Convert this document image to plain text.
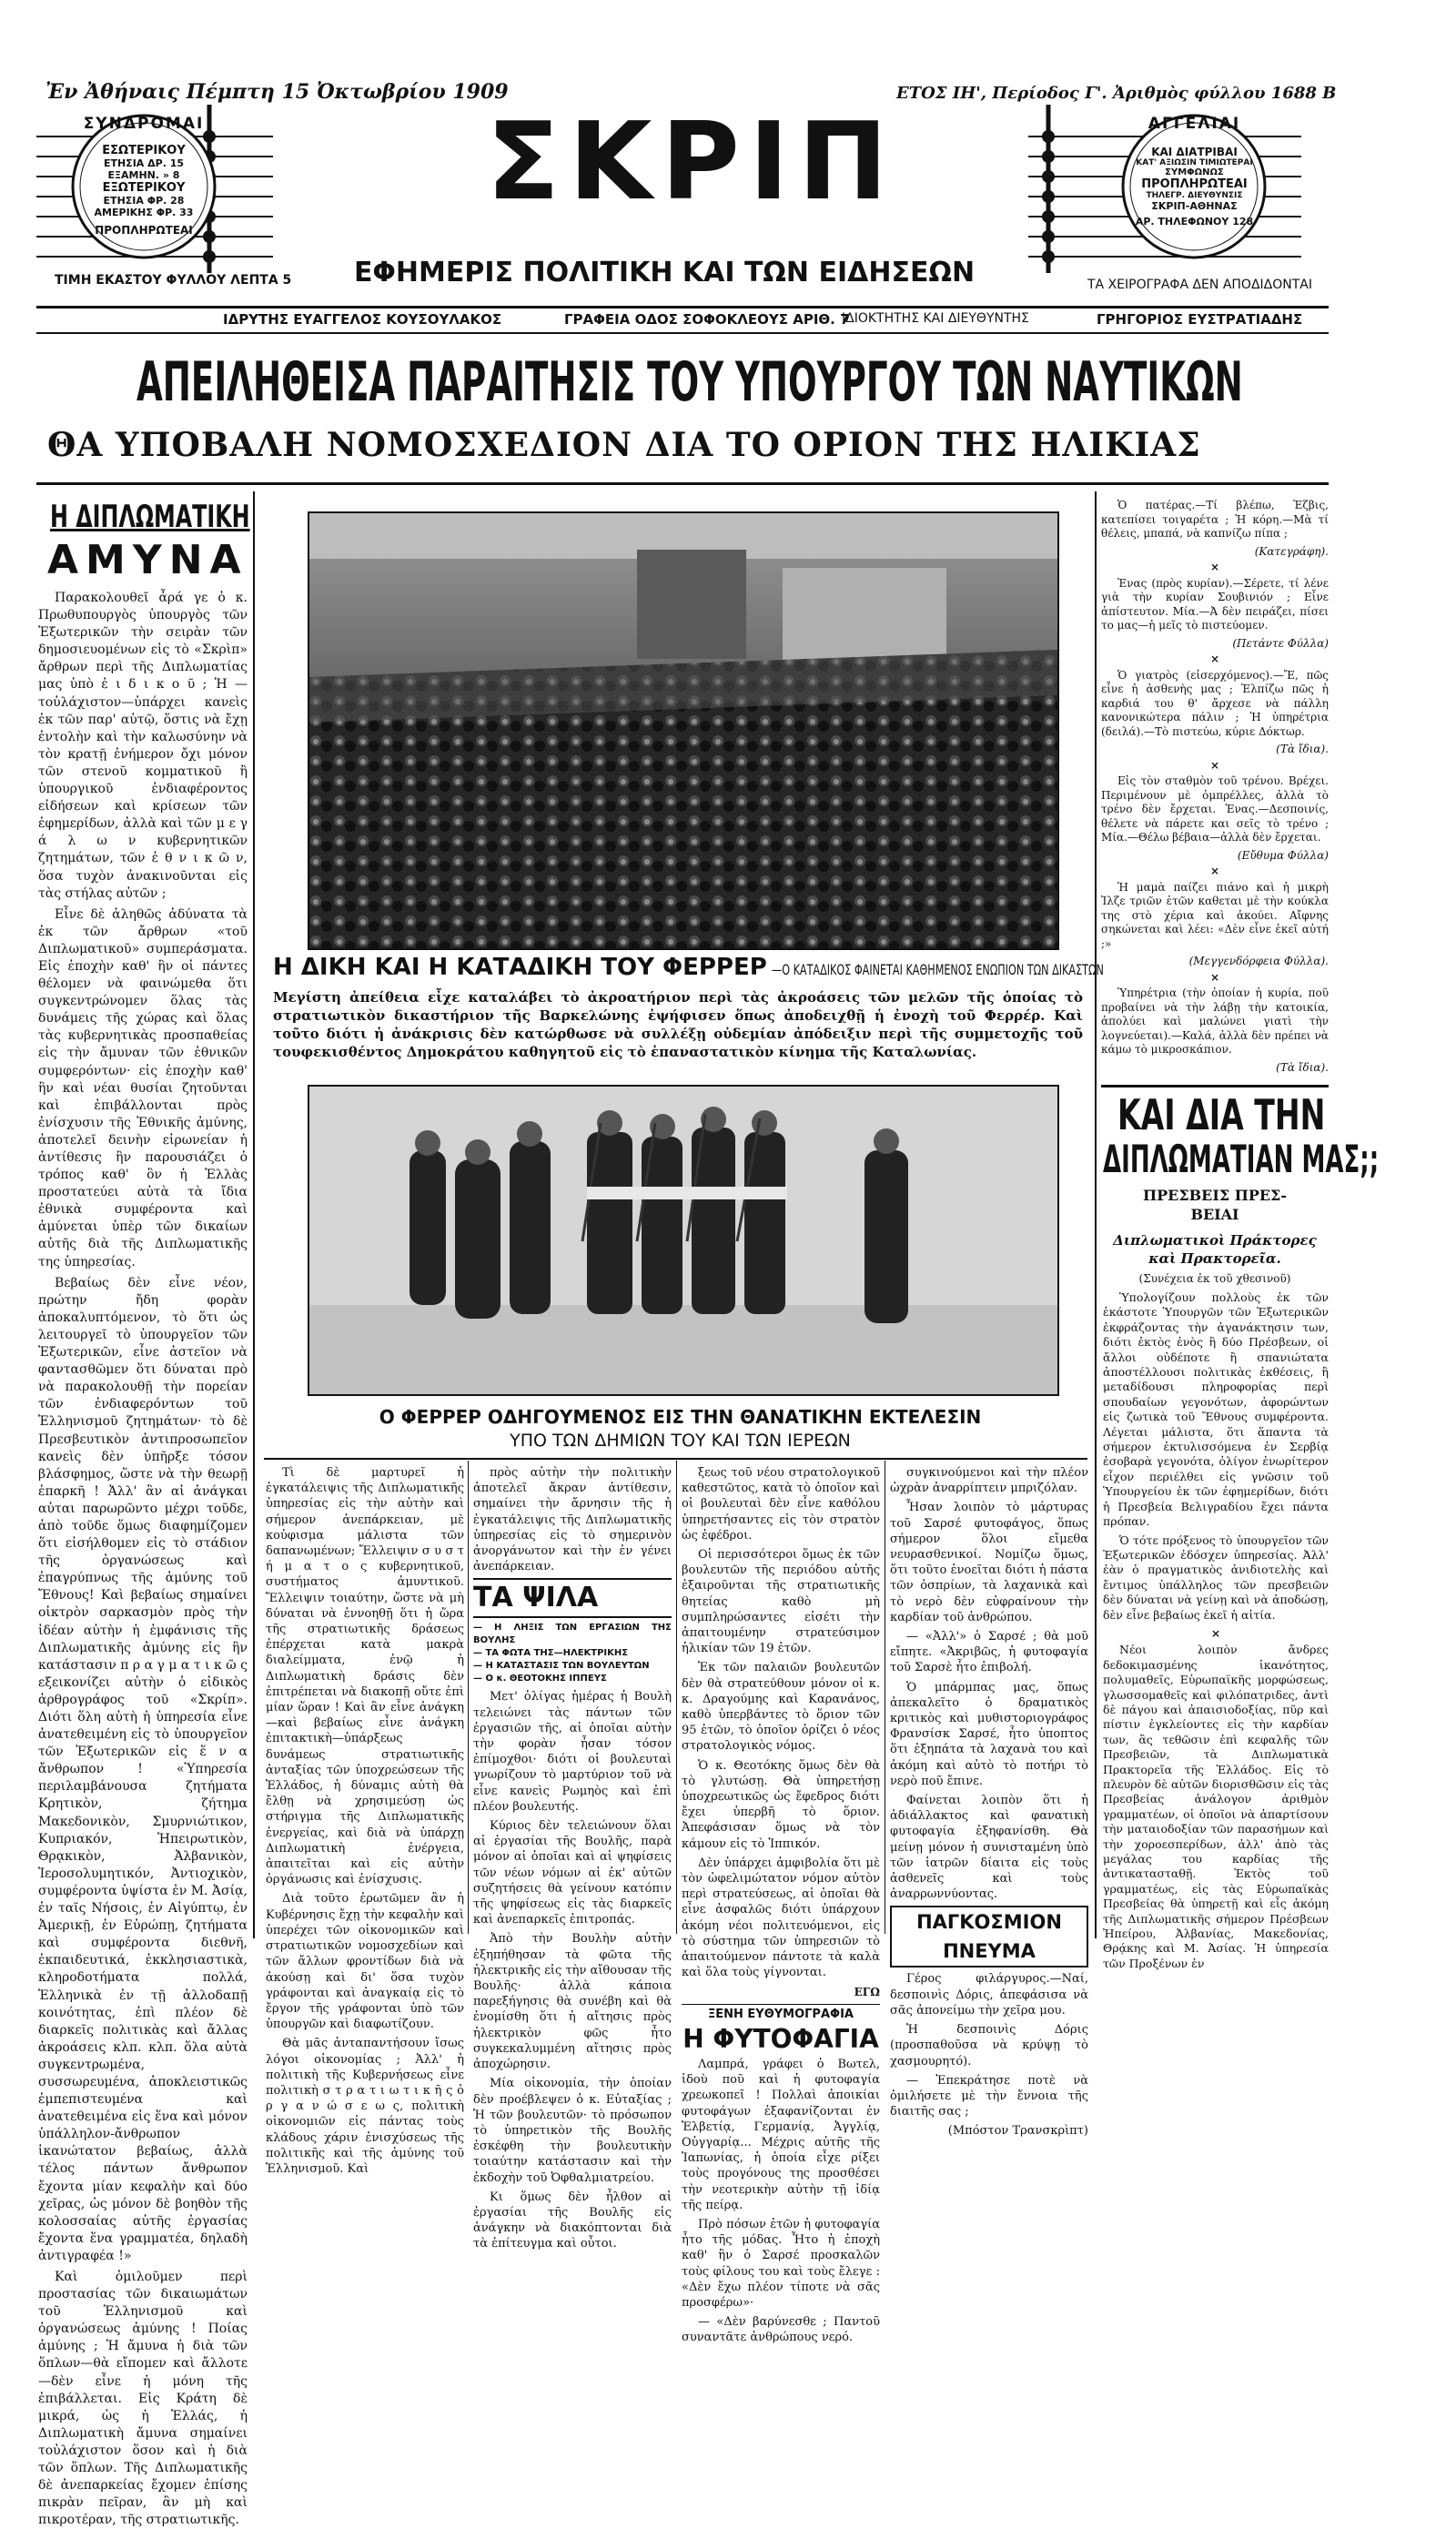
Ἐν Ἀθήναις Πέμπτη 15 Ὀκτωβρίου 1909	ΕΤΟΣ ΙΗ', Περίοδος Γ'. Ἀριθμὸς φύλλου 1688 Β
ΣΥΝΔΡΟΜΑΙ
ΕΣΩΤΕΡΙΚΟΥ
ΕΤΗΣΙΑ ΔΡ. 15
ΕΞΑΜΗΝ. » 8
ΕΞΩΤΕΡΙΚΟΥ
ΕΤΗΣΙΑ ΦΡ. 28
ΑΜΕΡΙΚΗΣ ΦΡ. 33
ΠΡΟΠΛΗΡΩΤΕΑΙ
ΑΓΓΕΛΙΑΙ
ΚΑΙ ΔΙΑΤΡΙΒΑΙ
ΚΑΤ' ΑΞΙΩΣΙΝ ΤΙΜΙΩΤΕΡΑΙ
ΣΥΜΦΩΝΩΣ
ΠΡΟΠΛΗΡΩΤΕΑΙ
ΤΗΛΕΓΡ. ΔΙΕΥΘΥΝΣΙΣ
ΣΚΡΙΠ-ΑΘΗΝΑΣ
ΑΡ. ΤΗΛΕΦΩΝΟΥ 128
ΣΚΡΙΠ
ΕΦΗΜΕΡΙΣ ΠΟΛΙΤΙΚΗ ΚΑΙ ΤΩΝ ΕΙΔΗΣΕΩΝ
ΤΙΜΗ ΕΚΑΣΤΟΥ ΦΥΛΛΟΥ ΛΕΠΤΑ 5	ΤΑ ΧΕΙΡΟΓΡΑΦΑ ΔΕΝ ΑΠΟΔΙΔΟΝΤΑΙ
ΙΔΡΥΤΗΣ ΕΥΑΓΓΕΛΟΣ ΚΟΥΣΟΥΛΑΚΟΣ	ΓΡΑΦΕΙΑ ΟΔΟΣ ΣΟΦΟΚΛΕΟΥΣ ΑΡΙΘ. 7
ΙΔΙΟΚΤΗΤΗΣ ΚΑΙ ΔΙΕΥΘΥΝΤΗΣ	ΓΡΗΓΟΡΙΟΣ ΕΥΣΤΡΑΤΙΑΔΗΣ
ΑΠΕΙΛΗΘΕΙΣΑ ΠΑΡΑΙΤΗΣΙΣ ΤΟΥ ΥΠΟΥΡΓΟΥ ΤΩΝ ΝΑΥΤΙΚΩΝ
ΘΑ ΥΠΟΒΑΛΗ ΝΟΜΟΣΧΕΔΙΟΝ ΔΙΑ ΤΟ ΟΡΙΟΝ ΤΗΣ ΗΛΙΚΙΑΣ
Η ΔΙΠΛΩΜΑΤΙΚΗ
ΑΜΥΝΑ

Παρακολουθεῖ ἆρά γε ὁ κ. Πρωθυπουργὸς ὑπουργὸς τῶν Ἐξωτερικῶν τὴν σειρὰν τῶν δημοσιευομένων εἰς τὸ «Σκρὶπ» ἄρθρων περὶ τῆς Διπλωματίας μας ὑπὸ ἐ ι δ ι κ ο ῦ ; Ἡ —τοὐλάχιστον—ὑπάρχει κανεὶς ἐκ τῶν παρ' αὐτῷ, ὅστις νὰ ἔχῃ ἐντολὴν καὶ τὴν καλωσύνην νὰ τὸν κρατῇ ἐνήμερον ὄχι μόνον τῶν στενοῦ κομματικοῦ ἢ ὑπουργικοῦ ἐνδιαφέροντος εἰδήσεων καὶ κρίσεων τῶν ἐφημερίδων, ἀλλὰ καὶ τῶν μ ε γ ά λ ω ν κυβερνητικῶν ζητημάτων, τῶν ἐ θ ν ι κ ῶ ν, ὅσα τυχὸν ἀνακινοῦνται εἰς τὰς στήλας αὐτῶν ;

Εἶνε δὲ ἀληθῶς ἀδύνατα τὰ ἐκ τῶν ἄρθρων «τοῦ Διπλωματικοῦ» συμπεράσματα. Εἰς ἐποχὴν καθ' ἣν οἱ πάντες θέλομεν νὰ φαινώμεθα ὅτι συγκεντρώνομεν ὅλας τὰς δυνάμεις τῆς χώρας καὶ ὅλας τὰς κυβερνητικὰς προσπαθείας εἰς τὴν ἄμυναν τῶν ἐθνικῶν συμφερόντων· εἰς ἐποχὴν καθ' ἣν καὶ νέαι θυσίαι ζητοῦνται καὶ ἐπιβάλλονται πρὸς ἐνίσχυσιν τῆς Ἐθνικῆς ἀμύνης, ἀποτελεῖ δεινὴν εἰρωνείαν ἡ ἀντίθεσις ἣν παρουσιάζει ὁ τρόπος καθ' ὃν ἡ Ἑλλὰς προστατεύει αὐτὰ τὰ ἴδια ἐθνικὰ συμφέροντα καὶ ἀμύνεται ὑπὲρ τῶν δικαίων αὐτῆς διὰ τῆς Διπλωματικῆς της ὑπηρεσίας.

Βεβαίως δὲν εἶνε νέον, πρώτην ἤδη φορὰν ἀποκαλυπτόμενον, τὸ ὅτι ὡς λειτουργεῖ τὸ ὑπουργεῖον τῶν Ἐξωτερικῶν, εἶνε ἀστεῖον νὰ φαντασθῶμεν ὅτι δύναται πρὸ νὰ παρακολουθῇ τὴν πορείαν τῶν ἐνδιαφερόντων τοῦ Ἑλληνισμοῦ ζητημάτων· τὸ δὲ Πρεσβευτικὸν ἀντιπροσωπεῖον κανεὶς δὲν ὑπῆρξε τόσον βλάσφημος, ὥστε νὰ τὴν θεωρῇ ἐπαρκῆ ! Ἀλλ' ἂν αἱ ἀνάγκαι αὐται παρωρῶντο μέχρι τοῦδε, ἀπὸ τοῦδε ὅμως διαφημίζομεν ὅτι εἰσήλθομεν εἰς τὸ στάδιον τῆς ὀργανώσεως καὶ ἐπαγρύπνως τῆς ἀμύνης τοῦ Ἔθνους! Καὶ βεβαίως σημαίνει οἰκτρὸν σαρκασμὸν πρὸς τὴν ἰδέαν αὐτὴν ἡ ἐμφάνισις τῆς Διπλωματικῆς ἀμύνης εἰς ἣν κατάστασιν π ρ α γ μ α τ ι κ ῶ ς εξεικονίζει αὐτὴν ὁ εἰδικὸς ἀρθρογράφος τοῦ «Σκρίπ». Διότι ὅλη αὐτὴ ἡ ὑπηρεσία εἶνε ἀνατεθειμένη εἰς τὸ ὑπουργεῖον τῶν Ἐξωτερικῶν εἰς ἕ ν α ἄνθρωπον ! «Ὑπηρεσία περιλαμβάνουσα ζητήματα Κρητικὸν, ζήτημα Μακεδονικὸν, Σμυρνιώτικον, Κυπριακόν, Ἠπειρωτικὸν, Θρᾳκικὸν, Ἀλβανικὸν, Ἱεροσολυμητικόν, Ἀντιοχικὸν, συμφέροντα ὑψίστα ἐν Μ. Ἀσίᾳ, ἐν ταῖς Νήσοις, ἐν Αἰγύπτῳ, ἐν Ἀμερικῇ, ἐν Εὐρώπῃ, ζητήματα καὶ συμφέροντα διεθνῆ, ἐκπαιδευτικά, ἐκκλησιαστικὰ, κληροδοτήματα πολλά, Ἑλληνικὰ ἐν τῇ ἀλλοδαπῇ κοινότητας, ἐπὶ πλέον δὲ διαρκεῖς πολιτικὰς καὶ ἄλλας ἀκροάσεις κλπ. κλπ. ὅλα αὐτὰ συγκεντρωμένα, συσσωρευμένα, ἀποκλειστικῶς ἐμπεπιστευμένα καὶ ἀνατεθειμένα εἰς ἕνα καὶ μόνον ὑπάλληλον-ἄνθρωπον ἱκανώτατον βεβαίως, ἀλλὰ τέλος πάντων ἄνθρωπον ἔχοντα μίαν κεφαλὴν καὶ δύο χεῖρας, ὡς μόνον δὲ βοηθὸν τῆς κολοσσαίας αὐτῆς ἐργασίας ἔχοντα ἕνα γραμματέα, δηλαδὴ ἀντιγραφέα !»

Καὶ ὁμιλοῦμεν περὶ προστασίας τῶν δικαιωμάτων τοῦ Ἑλληνισμοῦ καὶ ὀργανώσεως ἀμύνης ! Ποίας ἀμύνης ; Ἡ ἄμυνα ἡ διὰ τῶν ὅπλων—θὰ εἴπομεν καὶ ἄλλοτε—δὲν εἶνε ἡ μόνη τῆς ἐπιβάλλεται. Εἰς Κράτη δὲ μικρά, ὡς ἡ Ἑλλάς, ἡ Διπλωματικὴ ἄμυνα σημαίνει τοὐλάχιστον ὅσον καὶ ἡ διὰ τῶν ὅπλων. Τῆς Διπλωματικῆς δὲ ἀνεπαρκείας ἔχομεν ἐπίσης πικρὰν πεῖραν, ἂν μὴ καὶ πικροτέραν, τῆς στρατιωτικῆς.

Η ΔΙΚΗ ΚΑΙ Η ΚΑΤΑΔΙΚΗ ΤΟΥ ΦΕΡΡΕΡ —Ο ΚΑΤΑΔΙΚΟΣ ΦΑΙΝΕΤΑΙ ΚΑΘΗΜΕΝΟΣ ΕΝΩΠΙΟΝ ΤΩΝ ΔΙΚΑΣΤΩΝ
Μεγίστη ἀπείθεια εἶχε καταλάβει τὸ ἀκροατήριον περὶ τὰς ἀκροάσεις τῶν μελῶν τῆς ὁποίας τὸ στρατιωτικὸν δικαστήριον τῆς Βαρκελώνης ἐψήφισεν ὅπως ἀποδειχθῇ ἡ ἐνοχὴ τοῦ Φερρέρ. Καὶ τοῦτο διότι ἡ ἀνάκρισις δὲν κατώρθωσε νὰ συλλέξῃ οὐδεμίαν ἀπόδειξιν περὶ τῆς συμμετοχῆς τοῦ τουφεκισθέντος Δημοκράτου καθηγητοῦ εἰς τὸ ἐπαναστατικὸν κίνημα τῆς Καταλωνίας.
Ο ΦΕΡΡΕΡ ΟΔΗΓΟΥΜΕΝΟΣ ΕΙΣ ΤΗΝ ΘΑΝΑΤΙΚΗΝ ΕΚΤΕΛΕΣΙΝ
ΥΠΟ ΤΩΝ ΔΗΜΙΩΝ ΤΟΥ ΚΑΙ ΤΩΝ ΙΕΡΕΩΝ

Τὶ δὲ μαρτυρεῖ ἡ ἐγκατάλειψις τῆς Διπλωματικῆς ὑπηρεσίας εἰς τὴν αὐτὴν καὶ σήμερον ἀνεπάρκειαν, μὲ κοὐφισμα μάλιστα τῶν δαπανωμένων; Ἔλλειψιν σ υ σ τ ή μ α τ ο ς κυβερνητικοῦ, συστήματος ἀμυντικοῦ. Ἔλλειψιν τοιαύτην, ὥστε νὰ μὴ δύναται νὰ ἐννοηθῇ ὅτι ἡ ὥρα τῆς στρατιωτικῆς δράσεως ἐπέρχεται κατὰ μακρὰ διαλείμματα, ἐνῷ ἡ Διπλωματικὴ δράσις δὲν ἐπιτρέπεται νὰ διακοπῇ οὔτε ἐπὶ μίαν ὥραν ! Καὶ ἂν εἶνε ἀνάγκη—καὶ βεβαίως εἶνε ἀνάγκη ἐπιτακτικὴ—ὑπάρξεως δυνάμεως στρατιωτικῆς ἀνταξίας τῶν ὑποχρεώσεων τῆς Ἑλλάδος, ἡ δύναμις αὐτὴ θὰ ἔλθῃ νὰ χρησιμεύσῃ ὡς στήριγμα τῆς Διπλωματικῆς ἐνεργείας, καὶ διὰ νὰ ὑπάρχῃ Διπλωματικὴ ἐνέργεια, ἀπαιτεῖται καὶ εἰς αὐτὴν ὀργάνωσις καὶ ἐνίσχυσις.

Διὰ τοῦτο ἐρωτῶμεν ἂν ἡ Κυβέρνησις ἔχῃ τὴν κεφαλὴν καὶ ὑπερέχει τῶν οἰκονομικῶν καὶ στρατιωτικῶν νομοσχεδίων καὶ τῶν ἄλλων φροντίδων διὰ νὰ ἀκούσῃ καὶ δι' ὅσα τυχὸν γράφονται καὶ ἀναγκαίᾳ εἰς τὸ ἔργον τῆς γράφονται ὑπὸ τῶν ὑπουργῶν καὶ διαφωτίζουν.

Θὰ μᾶς ἀνταπαντήσουν ἴσως λόγοι οἰκονομίας ; Ἀλλ' ἡ πολιτικὴ τῆς Κυβερνήσεως εἶνε πολιτικὴ σ τ ρ α τ ι ω τ ι κ ῆ ς ὀ ρ γ α ν ώ σ ε ω ς, πολιτικὴ οἰκονομιῶν εἰς πάντας τοὺς κλάδους χάριν ἐνισχύσεως τῆς πολιτικῆς καὶ τῆς ἀμύνης τοῦ Ἑλληνισμοῦ. Καὶ

πρὸς αὐτὴν τὴν πολιτικὴν ἀποτελεῖ ἄκραν ἀντίθεσιν, σημαίνει τὴν ἄρνησιν τῆς ἡ ἐγκατάλειψις τῆς Διπλωματικῆς ὑπηρεσίας εἰς τὸ σημερινὸν ἀνοργάνωτον καὶ τὴν ἐν γένει ἀνεπάρκειαν.

ΤΑ ΨΙΛΑ
— Η ΛΗΞΙΣ ΤΩΝ ΕΡΓΑΣΙΩΝ ΤΗΣ ΒΟΥΛΗΣ
— ΤΑ ΦΩΤΑ ΤΗΣ—ΗΛΕΚΤΡΙΚΗΣ
— Η ΚΑΤΑΣΤΑΣΙΣ ΤΩΝ ΒΟΥΛΕΥΤΩΝ
— Ο κ. ΘΕΟΤΟΚΗΣ ΙΠΠΕΥΣ

Μετ' ὀλίγας ἡμέρας ἡ Βουλὴ τελειώνει τὰς πάντων τῶν ἐργασιῶν τῆς, αἱ ὁποῖαι αὐτὴν τὴν φορὰν ἦσαν τόσον ἐπίμοχθοι· διότι οἱ βουλευταὶ γνωρίζουν τὸ μαρτύριον τοῦ νὰ εἶνε κανεὶς Ρωμηὸς καὶ ἐπὶ πλέον βουλευτής.

Κύριος δὲν τελειώνουν ὅλαι αἱ ἐργασίαι τῆς Βουλῆς, παρὰ μόνον αἱ ὁποῖαι καὶ αἱ ψηφίσεις τῶν νέων νόμων αἱ ἐκ' αὐτῶν συζητήσεις θὰ γείνουν κατόπιν τῆς ψηφίσεως εἰς τὰς διαρκεῖς καὶ ἀνεπαρκεῖς ἐπιτροπάς.

Ἀπὸ τὴν Βουλὴν αὐτὴν ἐξηπήθησαν τὰ φῶτα τῆς ἠλεκτρικῆς εἰς τὴν αἴθουσαν τῆς Βουλῆς· ἀλλὰ κάποια παρεξήγησις θὰ συνέβη καὶ θὰ ἐνομίσθη ὅτι ἡ αἴτησις πρὸς ἠλεκτρικὸν φῶς ἦτο συγκεκαλυμμένη αἴτησις πρὸς ἀποχώρησιν.

Μία οἰκονομία, τὴν ὁποίαν δὲν προέβλεψεν ὁ κ. Εὐταξίας ; Ἡ τῶν βουλευτῶν· τὸ πρόσωπον τὸ ὑπηρετικὸν τῆς Βουλῆς ἐσκέφθη τὴν βουλευτικὴν τοιαύτην κατάστασιν καὶ τὴν ἐκδοχὴν τοῦ Ὀφθαλμιατρείου.

Κι ὅμως δὲν ἦλθον αἱ ἐργασίαι τῆς Βουλῆς εἰς ἀνάγκην νὰ διακόπτονται διὰ τὰ ἐπίτευγμα καὶ οὗτοι.

ξεως τοῦ νέου στρατολογικοῦ καθεστῶτος, κατὰ τὸ ὁποῖον καὶ οἱ βουλευταὶ δὲν εἶνε καθόλου ὑπηρετήσαντες εἰς τὸν στρατὸν ὡς ἐφέδροι.

Οἱ περισσότεροι ὅμως ἐκ τῶν βουλευτῶν τῆς περιόδου αὐτῆς ἐξαιροῦνται τῆς στρατιωτικῆς θητείας καθὸ μὴ συμπληρώσαντες εἰσέτι τὴν ἀπαιτουμένην στρατεύσιμον ἡλικίαν τῶν 19 ἐτῶν.

Ἐκ τῶν παλαιῶν βουλευτῶν δὲν θὰ στρατεύθουν μόνον οἱ κ. κ. Δραγούμης καὶ Καρανάνος, καθὸ ὑπερβάντες τὸ ὅριον τῶν 95 ἐτῶν, τὸ ὁποῖον ὁρίζει ὁ νέος στρατολογικὸς νόμος.

Ὁ κ. Θεοτόκης ὅμως δὲν θὰ τὸ γλυτώσῃ. Θὰ ὑπηρετήσῃ ὑποχρεωτικῶς ὡς ἔφεδρος διότι ἔχει ὑπερβῆ τὸ ὅριον. Ἀπεφάσισαν ὅμως νὰ τὸν κάμουν εἰς τὸ Ἱππικόν.

Δὲν ὑπάρχει ἀμφιβολία ὅτι μὲ τὸν ὡφελιμώτατον νόμον αὐτὸν περὶ στρατεύσεως, αἱ ὁποῖαι θὰ εἶνε ἀσφαλῶς διότι ὑπάρχουν ἀκόμη νέοι πολιτευόμενοι, εἰς τὸ σύστημα τῶν ὑπηρεσιῶν τὸ ἀπαιτούμενον πάντοτε τὰ καλὰ καὶ ὅλα τοὺς γίγνονται.

ΕΓΩ
ΞΕΝΗ ΕΥΘΥΜΟΓΡΑΦΙΑ
Η ΦΥΤΟΦΑΓΙΑ

Λαμπρά, γράφει ὁ Βωτελ, ἰδοὺ ποῦ καὶ ἡ φυτοφαγία χρεωκοπεῖ ! Πολλαὶ ἀποικίαι φυτοφάγων ἐξαφανίζονται ἐν Ἑλβετίᾳ, Γερμανίᾳ, Ἀγγλίᾳ, Οὐγγαρίᾳ... Μέχρις αὐτῆς τῆς Ἰαπωνίας, ἡ ὁποία εἶχε ρίξει τοὺς προγόνους της προσθέσει τὴν νεοτερικὴν αὐτὴν τῇ ἰδίᾳ τῆς πείρᾳ.

Πρὸ πόσων ἐτῶν ἡ φυτοφαγία ἦτο τῆς μόδας. Ἦτο ἡ ἐποχὴ καθ' ἣν ὁ Σαρσέ προσκαλῶν τοὺς φίλους του καὶ τοὺς ἔλεγε : «Δὲν ἔχω πλέον τίποτε νὰ σᾶς προσφέρω»·

— «Δὲν βαρύνεσθε ; Παντοῦ συναντᾶτε ἀνθρώπους νερό.

συγκινούμενοι καὶ τὴν πλέον ὡχρὰν ἀναρρίπτειν μπριζόλαν.

Ἦσαν λοιπὸν τὸ μάρτυρας τοῦ Σαρσέ φυτοφάγος, ὅπως σήμερον ὅλοι εἴμεθα νευρασθενικοί. Νομίζω ὅμως, ὅτι τοῦτο ἐνοεῖται διότι ἡ πάστα τῶν ὀσπρίων, τὰ λαχανικὰ καὶ τὸ νερὸ δὲν εὐφραίνουν τὴν καρδίαν τοῦ ἀνθρώπου.

— «Ἀλλ'» ὁ Σαρσέ ; θὰ μοῦ εἴπητε. «Ἀκριβῶς, ἡ φυτοφαγία τοῦ Σαρσὲ ἦτο ἐπιβολή.

Ὁ μπάρμπας μας, ὅπως ἀπεκαλεῖτο ὁ δραματικὸς κριτικὸς καὶ μυθιστοριογράφος Φρανσίσκ Σαρσέ, ἦτο ὑποπτος ὅτι ἐξηπάτα τὰ λαχανὰ του καὶ ἀκόμη καὶ αὐτὸ τὸ ποτήρι τὸ νερὸ ποῦ ἔπινε.

Φαίνεται λοιπὸν ὅτι ἡ ἀδιάλλακτος καὶ φανατικὴ φυτοφαγία ἐξηφανίσθη. Θὰ μείνῃ μόνον ἡ συνισταμένη ὑπὸ τῶν ἰατρῶν δίαιτα εἰς τοὺς ἀσθενεῖς καὶ τοὺς ἀναρρωννύοντας.

ΠΑΓΚΟΣΜΙΟΝ ΠΝΕΥΜΑ

Γέρος φιλάργυρος.—Ναί, δεσποινὶς Δόρις, ἀπεφάσισα νὰ σᾶς ἀπονείμω τὴν χεῖρα μου.

Ἡ δεσποινὶς Δόρις (προσπαθοῦσα νὰ κρύψῃ τὸ χασμουρητό).

— Ἐπεκράτησε ποτὲ νὰ ὀμιλήσετε μὲ τὴν ἔννοια τῆς διαιτῆς σας ;

(Μπόστον Τρανσκρὶπτ)

Ὁ πατέρας.—Τί βλέπω, Ἐζβις, κατεπίσει τοιγαρέτα ; Ἡ κόρη.—Μὰ τί θέλεις, μπαπά, νὰ καπνίζω πίπα ;

(Κατεγράφη).
×

Ἐνας (πρὸς κυρίαν).—Σέρετε, τί λένε γιὰ τὴν κυρίαν Σουβινιόν ; Εἶνε ἀπίστευτον. Μία.—Ἀ δὲν πειράζει, πίσει το μας—ἡ μεῖς τὸ πιστεύομεν.

(Πετάντε Φύλλα)
×

Ὁ γιατρὸς (εἰσερχόμενος).—Ἔ, πῶς εἶνε ἡ ἀσθενὴς μας ; Ἐλπίζω πῶς ἡ καρδιά του θ' ἄρχεσε νὰ πάλλη κανονικώτερα πάλιν ; Ἡ ὑπηρέτρια (δειλά).—Τὸ πιστεύω, κύριε Δόκτωρ.

(Τὰ ἴδια).
×

Εἰς τὸν σταθμὸν τοῦ τρένου. Βρέχει. Περιμένουν μὲ ὀμπρέλλες, ἀλλὰ τὸ τρένο δὲν ἔρχεται. Ἐνας.—Δεσποινίς, θέλετε νὰ πάρετε και σεῖς τὸ τρένο ; Μία.—Θέλω βέβαια—ἀλλὰ δὲν ἔρχεται.

(Εὔθυμα Φύλλα)
×

Ἡ μαμὰ παίζει πιάνο καὶ ἡ μικρὴ Ἰλζε τριῶν ἐτῶν καθεται μὲ τὴν κούκλα της στὸ χέρια καὶ ἀκούει. Αἴφνης σηκώνεται καὶ λέει: «Δὲν εἶνε ἐκεῖ αὐτή ;»

(Μεγγενδόρφεια Φύλλα).
×

Ὑπηρέτρια (τὴν ὁποίαν ἡ κυρία, ποῦ προβαίνει νὰ τὴν λάβῃ τὴν κατοικία, ἀπολύει καὶ μαλώνει γιατὶ τὴν λογνεύεται).—Καλά, ἀλλὰ δὲν πρέπει νὰ κάμω τὸ μικροσκάπιον.

(Τὰ ἴδια).
ΚΑΙ ΔΙΑ ΤΗΝ
ΔΙΠΛΩΜΑΤΙΑΝ ΜΑΣ;;
ΠΡΕΣΒΕΙΣ ΠΡΕΣ-
ΒΕΙΑΙ
Διπλωματικοὶ Πράκτορες
καὶ Πρακτορεῖα.
(Συνέχεια ἐκ τοῦ χθεσινοῦ)

Ὑπολογίζουν πολλοὺς ἐκ τῶν ἑκάστοτε Ὑπουργῶν τῶν Ἐξωτερικῶν ἐκφράζοντας τὴν ἀγανάκτησιν των, διότι ἐκτὸς ἐνὸς ἢ δύο Πρέσβεων, οἱ ἄλλοι οὐδέποτε ἢ σπανιώτατα ἀποστέλλουσι πολιτικὰς ἐκθέσεις, ἢ μεταδίδουσι πληροφορίας περὶ σπουδαίων γεγονότων, ἀφορώντων εἰς ζωτικὰ τοῦ Ἔθνους συμφέροντα. Λέγεται μάλιστα, ὅτι ἅπαντα τὰ σήμερον ἐκτυλισσόμενα ἐν Σερβίᾳ ἐσοβαρὰ γεγονότα, ὀλίγον ἐνωρίτερον εἶχον περιέλθει εἰς γνῶσιν τοῦ Ὑπουργείου ἐκ τῶν ἐφημερίδων, διότι ἡ Πρεσβεία Βελιγραδίου ἔχει πάντα πρόπαν.

Ὁ τότε πρόξενος τὸ ὑπουργεῖον τῶν Ἐξωτερικῶν ἐδόσχεν ὑπηρεσίας. Ἀλλ' ἐὰν ὁ πραγματικὸς ἀνιδιοτελὴς καὶ ἔντιμος ὑπάλληλος τῶν πρεσβειῶν δὲν δύναται νὰ γείνῃ καὶ νὰ ἀποδώσῃ, δὲν εἶνε βεβαίως ἐκεῖ ἡ αἰτία.

×

Νέοι λοιπὸν ἄνδρες δεδοκιμασμένης ἱκανότητος, πολυμαθεῖς, Εὐρωπαϊκῆς μορφώσεως, γλωσσομαθεῖς καὶ φιλόπατριδες, ἀντὶ δὲ πάγου καὶ ἀπαισιοδοξίας, πῦρ καὶ πίστιν ἐγκλείοντες εἰς τὴν καρδίαν των, ἂς τεθῶσιν ἐπὶ κεφαλῆς τῶν Πρεσβειῶν, τὰ Διπλωματικὰ Πρακτορεῖα τῆς Ἑλλάδος. Εἰς τὸ πλευρὸν δὲ αὐτῶν διορισθῶσιν εἰς τὰς Πρεσβείας ἀνάλογον ἀριθμὸν γραμματέων, οἱ ὁποῖοι νὰ ἀπαρτίσουν τὴν ματαιοδοξίαν τῶν παρασήμων καὶ τὴν χοροεσπερίδων, ἀλλ' ἀπὸ τὰς μεγάλας του καρδίας τῆς ἀντικατασταθῇ. Ἐκτὸς τοῦ γραμματέως, εἰς τὰς Εὐρωπαϊκὰς Πρεσβείας θὰ ὑπηρετῇ καὶ εἷς ἀκόμη τῆς Διπλωματικῆς σήμερον Πρέσβεων Ἠπείρου, Ἀλβανίας, Μακεδονίας, Θρᾴκης καὶ Μ. Ἀσίας. Ἡ ὑπηρεσία τῶν Προξένων ἐν
